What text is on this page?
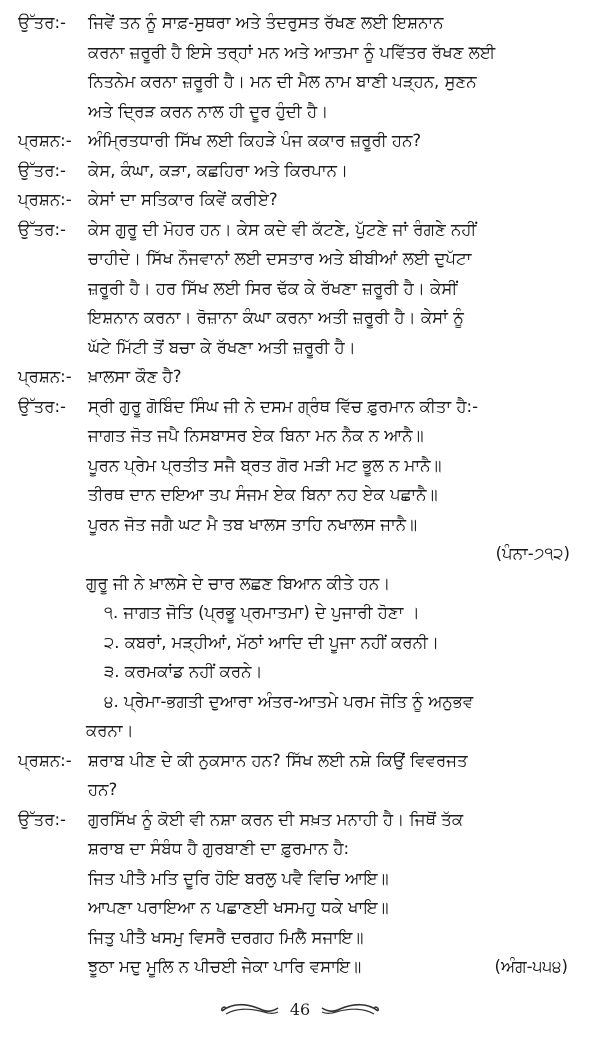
ਉੱਤਰ:- ਜਿਵੇਂ ਤਨ ਨੂੰ ਸਾਫ਼-ਸੁਥਰਾ ਅਤੇ ਤੰਦਰੁਸਤ ਰੱਖਣ ਲਈ ਇਸ਼ਨਾਨ
ਕਰਨਾ ਜ਼ਰੂਰੀ ਹੈ ਇਸੇ ਤਰ੍ਹਾਂ ਮਨ ਅਤੇ ਆਤਮਾ ਨੂੰ ਪਵਿੱਤਰ ਰੱਖਣ ਲਈ
ਨਿਤਨੇਮ ਕਰਨਾ ਜ਼ਰੂਰੀ ਹੈ। ਮਨ ਦੀ ਮੈਲ ਨਾਮ ਬਾਣੀ ਪੜ੍ਹਨ, ਸੁਣਨ
ਅਤੇ ਦ੍ਰਿੜ ਕਰਨ ਨਾਲ ਹੀ ਦੂਰ ਹੁੰਦੀ ਹੈ।
ਪ੍ਰਸ਼ਨ:- ਅੰਮ੍ਰਿਤਧਾਰੀ ਸਿੱਖ ਲਈ ਕਿਹੜੇ ਪੰਜ ਕਕਾਰ ਜ਼ਰੂਰੀ ਹਨ?
ਉੱਤਰ:- ਕੇਸ, ਕੰਘਾ, ਕੜਾ, ਕਛਹਿਰਾ ਅਤੇ ਕਿਰਪਾਨ।
ਪ੍ਰਸ਼ਨ:- ਕੇਸਾਂ ਦਾ ਸਤਿਕਾਰ ਕਿਵੇਂ ਕਰੀਏ?
ਉੱਤਰ:- ਕੇਸ ਗੁਰੂ ਦੀ ਮੋਹਰ ਹਨ। ਕੇਸ ਕਦੇ ਵੀ ਕੱਟਣੇ, ਪੁੱਟਣੇ ਜਾਂ ਰੰਗਣੇ ਨਹੀਂ
ਚਾਹੀਦੇ। ਸਿੱਖ ਨੌਜਵਾਨਾਂ ਲਈ ਦਸਤਾਰ ਅਤੇ ਬੀਬੀਆਂ ਲਈ ਦੁਪੱਟਾ
ਜ਼ਰੂਰੀ ਹੈ। ਹਰ ਸਿੱਖ ਲਈ ਸਿਰ ਢੱਕ ਕੇ ਰੱਖਣਾ ਜ਼ਰੂਰੀ ਹੈ। ਕੇਸੀਂ
ਇਸ਼ਨਾਨ ਕਰਨਾ। ਰੋਜ਼ਾਨਾ ਕੰਘਾ ਕਰਨਾ ਅਤੀ ਜ਼ਰੂਰੀ ਹੈ। ਕੇਸਾਂ ਨੂੰ
ਘੱਟੇ ਮਿੱਟੀ ਤੋਂ ਬਚਾ ਕੇ ਰੱਖਣਾ ਅਤੀ ਜ਼ਰੂਰੀ ਹੈ।
ਪ੍ਰਸ਼ਨ:- ਖ਼ਾਲਸਾ ਕੌਣ ਹੈ?
ਉੱਤਰ:- ਸ੍ਰੀ ਗੁਰੂ ਗੋਬਿੰਦ ਸਿੰਘ ਜੀ ਨੇ ਦਸਮ ਗ੍ਰੰਥ ਵਿੱਚ ਫ਼ੁਰਮਾਨ ਕੀਤਾ ਹੈ:-
ਜਾਗਤ ਜੋਤ ਜਪੈ ਨਿਸਬਾਸਰ ਏਕ ਬਿਨਾ ਮਨ ਨੈਕ ਨ ਆਨੈ॥
ਪੂਰਨ ਪ੍ਰੇਮ ਪ੍ਰਤੀਤ ਸਜੈ ਬ੍ਰਤ ਗੋਰ ਮੜੀ ਮਟ ਭੂਲ ਨ ਮਾਨੈ॥
ਤੀਰਥ ਦਾਨ ਦਇਆ ਤਪ ਸੰਜਮ ਏਕ ਬਿਨਾ ਨਹ ਏਕ ਪਛਾਨੈ॥
ਪੂਰਨ ਜੋਤ ਜਗੈ ਘਟ ਮੈ ਤਬ ਖਾਲਸ ਤਾਹਿ ਨਖਾਲਸ ਜਾਨੈ॥
(ਪੰਨਾ-੭੧੨)
ਗੁਰੂ ਜੀ ਨੇ ਖ਼ਾਲਸੇ ਦੇ ਚਾਰ ਲਛਣ ਬਿਆਨ ਕੀਤੇ ਹਨ।
੧. ਜਾਗਤ ਜੋਤਿ (ਪ੍ਰਭੂ ਪ੍ਰਮਾਤਮਾ) ਦੇ ਪੁਜਾਰੀ ਹੋਣਾ ।
੨. ਕਬਰਾਂ, ਮੜ੍ਹੀਆਂ, ਮੱਠਾਂ ਆਦਿ ਦੀ ਪੂਜਾ ਨਹੀਂ ਕਰਨੀ।
੩. ਕਰਮਕਾਂਡ ਨਹੀਂ ਕਰਨੇ।
੪. ਪ੍ਰੇਮਾ-ਭਗਤੀ ਦੁਆਰਾ ਅੰਤਰ-ਆਤਮੇ ਪਰਮ ਜੋਤਿ ਨੂੰ ਅਨੁਭਵ
ਕਰਨਾ।
ਪ੍ਰਸ਼ਨ:- ਸ਼ਰਾਬ ਪੀਣ ਦੇ ਕੀ ਨੁਕਸਾਨ ਹਨ? ਸਿੱਖ ਲਈ ਨਸ਼ੇ ਕਿਉਂ ਵਿਵਰਜਤ
ਹਨ?
ਉੱਤਰ:- ਗੁਰਸਿੱਖ ਨੂੰ ਕੋਈ ਵੀ ਨਸ਼ਾ ਕਰਨ ਦੀ ਸਖ਼ਤ ਮਨਾਹੀ ਹੈ। ਜਿਥੋਂ ਤੱਕ
ਸ਼ਰਾਬ ਦਾ ਸੰਬੰਧ ਹੈ ਗੁਰਬਾਣੀ ਦਾ ਫ਼ੁਰਮਾਨ ਹੈ:
ਜਿਤ ਪੀਤੈ ਮਤਿ ਦੂਰਿ ਹੋਇ ਬਰਲੁ ਪਵੈ ਵਿਚਿ ਆਇ॥
ਆਪਣਾ ਪਰਾਇਆ ਨ ਪਛਾਣਈ ਖਸਮਹੁ ਧਕੇ ਖਾਇ॥
ਜਿਤੁ ਪੀਤੈ ਖਸਮੁ ਵਿਸਰੈ ਦਰਗਹ ਮਿਲੈ ਸਜਾਇ॥
ਝੂਠਾ ਮਦੁ ਮੂਲਿ ਨ ਪੀਚਈ ਜੇਕਾ ਪਾਰਿ ਵਸਾਇ॥	(ਅੰਗ-੫੫੪)
46
